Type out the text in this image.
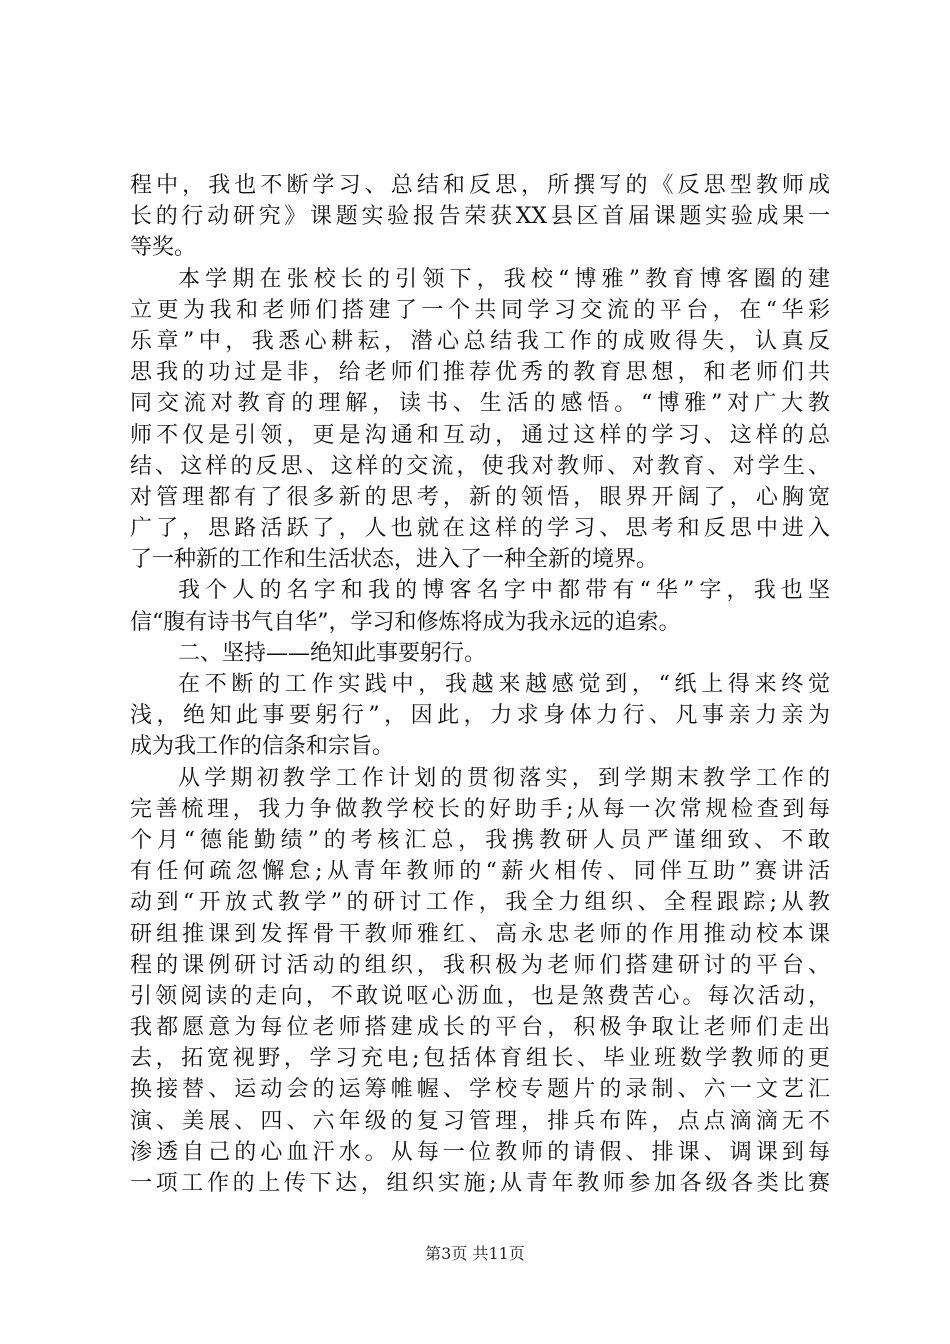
程中，我也不断学习、总结和反思，所撰写的《反思型教师成
长的行动研究》课题实验报告荣获XX县区首届课题实验成果一
等奖。
本学期在张校长的引领下，我校“博雅”教育博客圈的建
立更为我和老师们搭建了一个共同学习交流的平台，在“华彩
乐章”中，我悉心耕耘，潜心总结我工作的成败得失，认真反
思我的功过是非，给老师们推荐优秀的教育思想，和老师们共
同交流对教育的理解，读书、生活的感悟。“博雅”对广大教
师不仅是引领，更是沟通和互动，通过这样的学习、这样的总
结、这样的反思、这样的交流，使我对教师、对教育、对学生、
对管理都有了很多新的思考，新的领悟，眼界开阔了，心胸宽
广了，思路活跃了，人也就在这样的学习、思考和反思中进入
了一种新的工作和生活状态，进入了一种全新的境界。
我个人的名字和我的博客名字中都带有“华”字，我也坚
信“腹有诗书气自华”，学习和修炼将成为我永远的追索。
二、坚持——绝知此事要躬行。
在不断的工作实践中，我越来越感觉到，“纸上得来终觉
浅，绝知此事要躬行”，因此，力求身体力行、凡事亲力亲为
成为我工作的信条和宗旨。
从学期初教学工作计划的贯彻落实，到学期末教学工作的
完善梳理，我力争做教学校长的好助手;从每一次常规检查到每
个月“德能勤绩”的考核汇总，我携教研人员严谨细致、不敢
有任何疏忽懈怠;从青年教师的“薪火相传、同伴互助”赛讲活
动到“开放式教学”的研讨工作，我全力组织、全程跟踪;从教
研组推课到发挥骨干教师雅红、高永忠老师的作用推动校本课
程的课例研讨活动的组织，我积极为老师们搭建研讨的平台、
引领阅读的走向，不敢说呕心沥血，也是煞费苦心。每次活动，
我都愿意为每位老师搭建成长的平台，积极争取让老师们走出
去，拓宽视野，学习充电;包括体育组长、毕业班数学教师的更
换接替、运动会的运筹帷幄、学校专题片的录制、六一文艺汇
演、美展、四、六年级的复习管理，排兵布阵，点点滴滴无不
渗透自己的心血汗水。从每一位教师的请假、排课、调课到每
一项工作的上传下达，组织实施;从青年教师参加各级各类比赛
第3页 共11页
